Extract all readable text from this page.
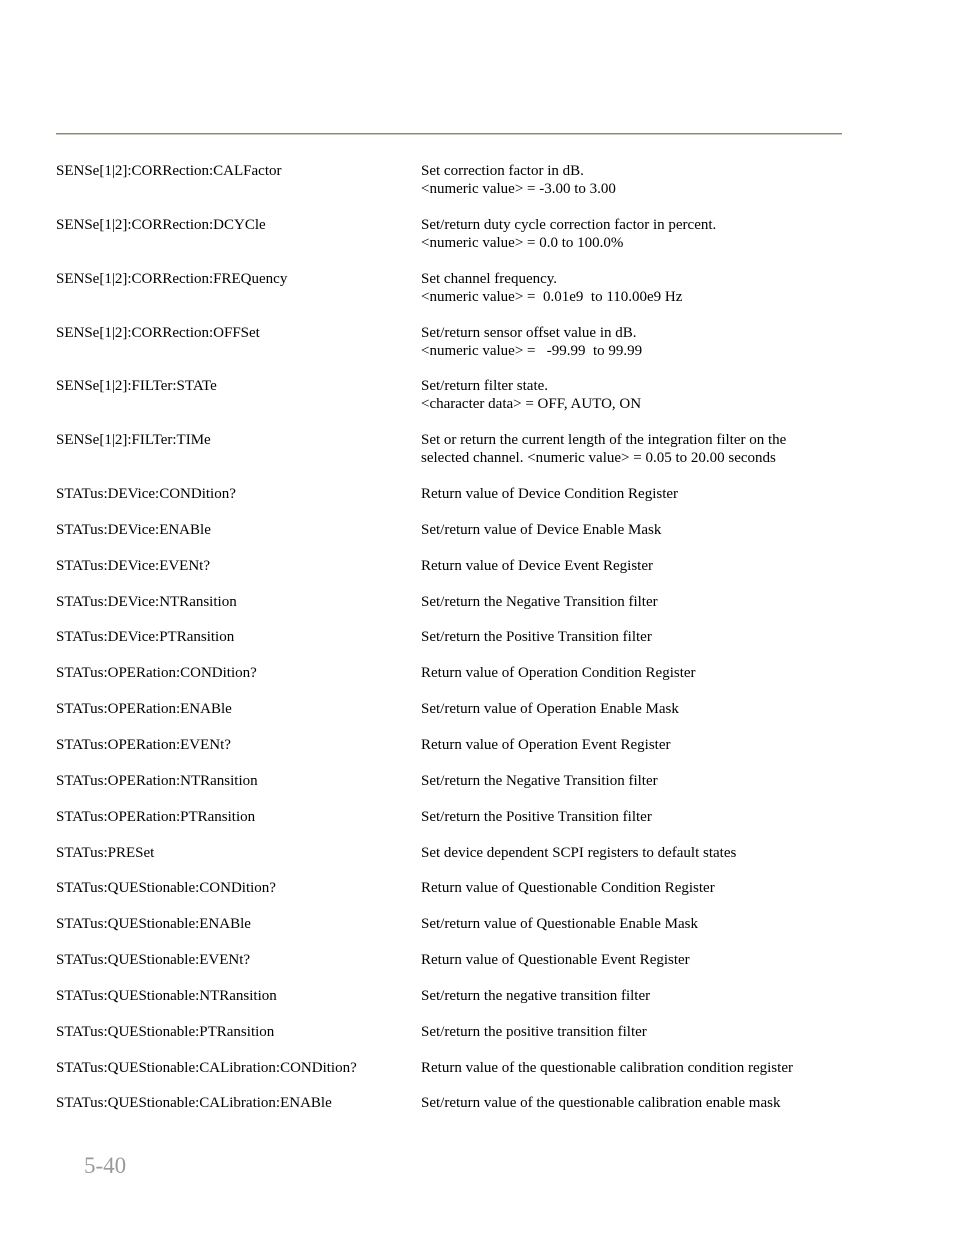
SENSe[1|2]:CORRection:CALFactor	Set correction factor in dB.
<numeric value> = -3.00 to 3.00
SENSe[1|2]:CORRection:DCYCle	Set/return duty cycle correction factor in percent.
<numeric value> = 0.0 to 100.0%
SENSe[1|2]:CORRection:FREQuency	Set channel frequency.
<numeric value> =  0.01e9  to 110.00e9 Hz
SENSe[1|2]:CORRection:OFFSet	Set/return sensor offset value in dB.
<numeric value> =   -99.99  to 99.99
SENSe[1|2]:FILTer:STATe	Set/return filter state.
<character data> = OFF, AUTO, ON
SENSe[1|2]:FILTer:TIMe	Set or return the current length of the integration filter on the
selected channel. <numeric value> = 0.05 to 20.00 seconds
STATus:DEVice:CONDition?	Return value of Device Condition Register
STATus:DEVice:ENABle	Set/return value of Device Enable Mask
STATus:DEVice:EVENt?	Return value of Device Event Register
STATus:DEVice:NTRansition	Set/return the Negative Transition filter
STATus:DEVice:PTRansition	Set/return the Positive Transition filter
STATus:OPERation:CONDition?	Return value of Operation Condition Register
STATus:OPERation:ENABle	Set/return value of Operation Enable Mask
STATus:OPERation:EVENt?	Return value of Operation Event Register
STATus:OPERation:NTRansition	Set/return the Negative Transition filter
STATus:OPERation:PTRansition	Set/return the Positive Transition filter
STATus:PRESet	Set device dependent SCPI registers to default states
STATus:QUEStionable:CONDition?	Return value of Questionable Condition Register
STATus:QUEStionable:ENABle	Set/return value of Questionable Enable Mask
STATus:QUEStionable:EVENt?	Return value of Questionable Event Register
STATus:QUEStionable:NTRansition	Set/return the negative transition filter
STATus:QUEStionable:PTRansition	Set/return the positive transition filter
STATus:QUEStionable:CALibration:CONDition?	Return value of the questionable calibration condition register
STATus:QUEStionable:CALibration:ENABle	Set/return value of the questionable calibration enable mask
5-40
